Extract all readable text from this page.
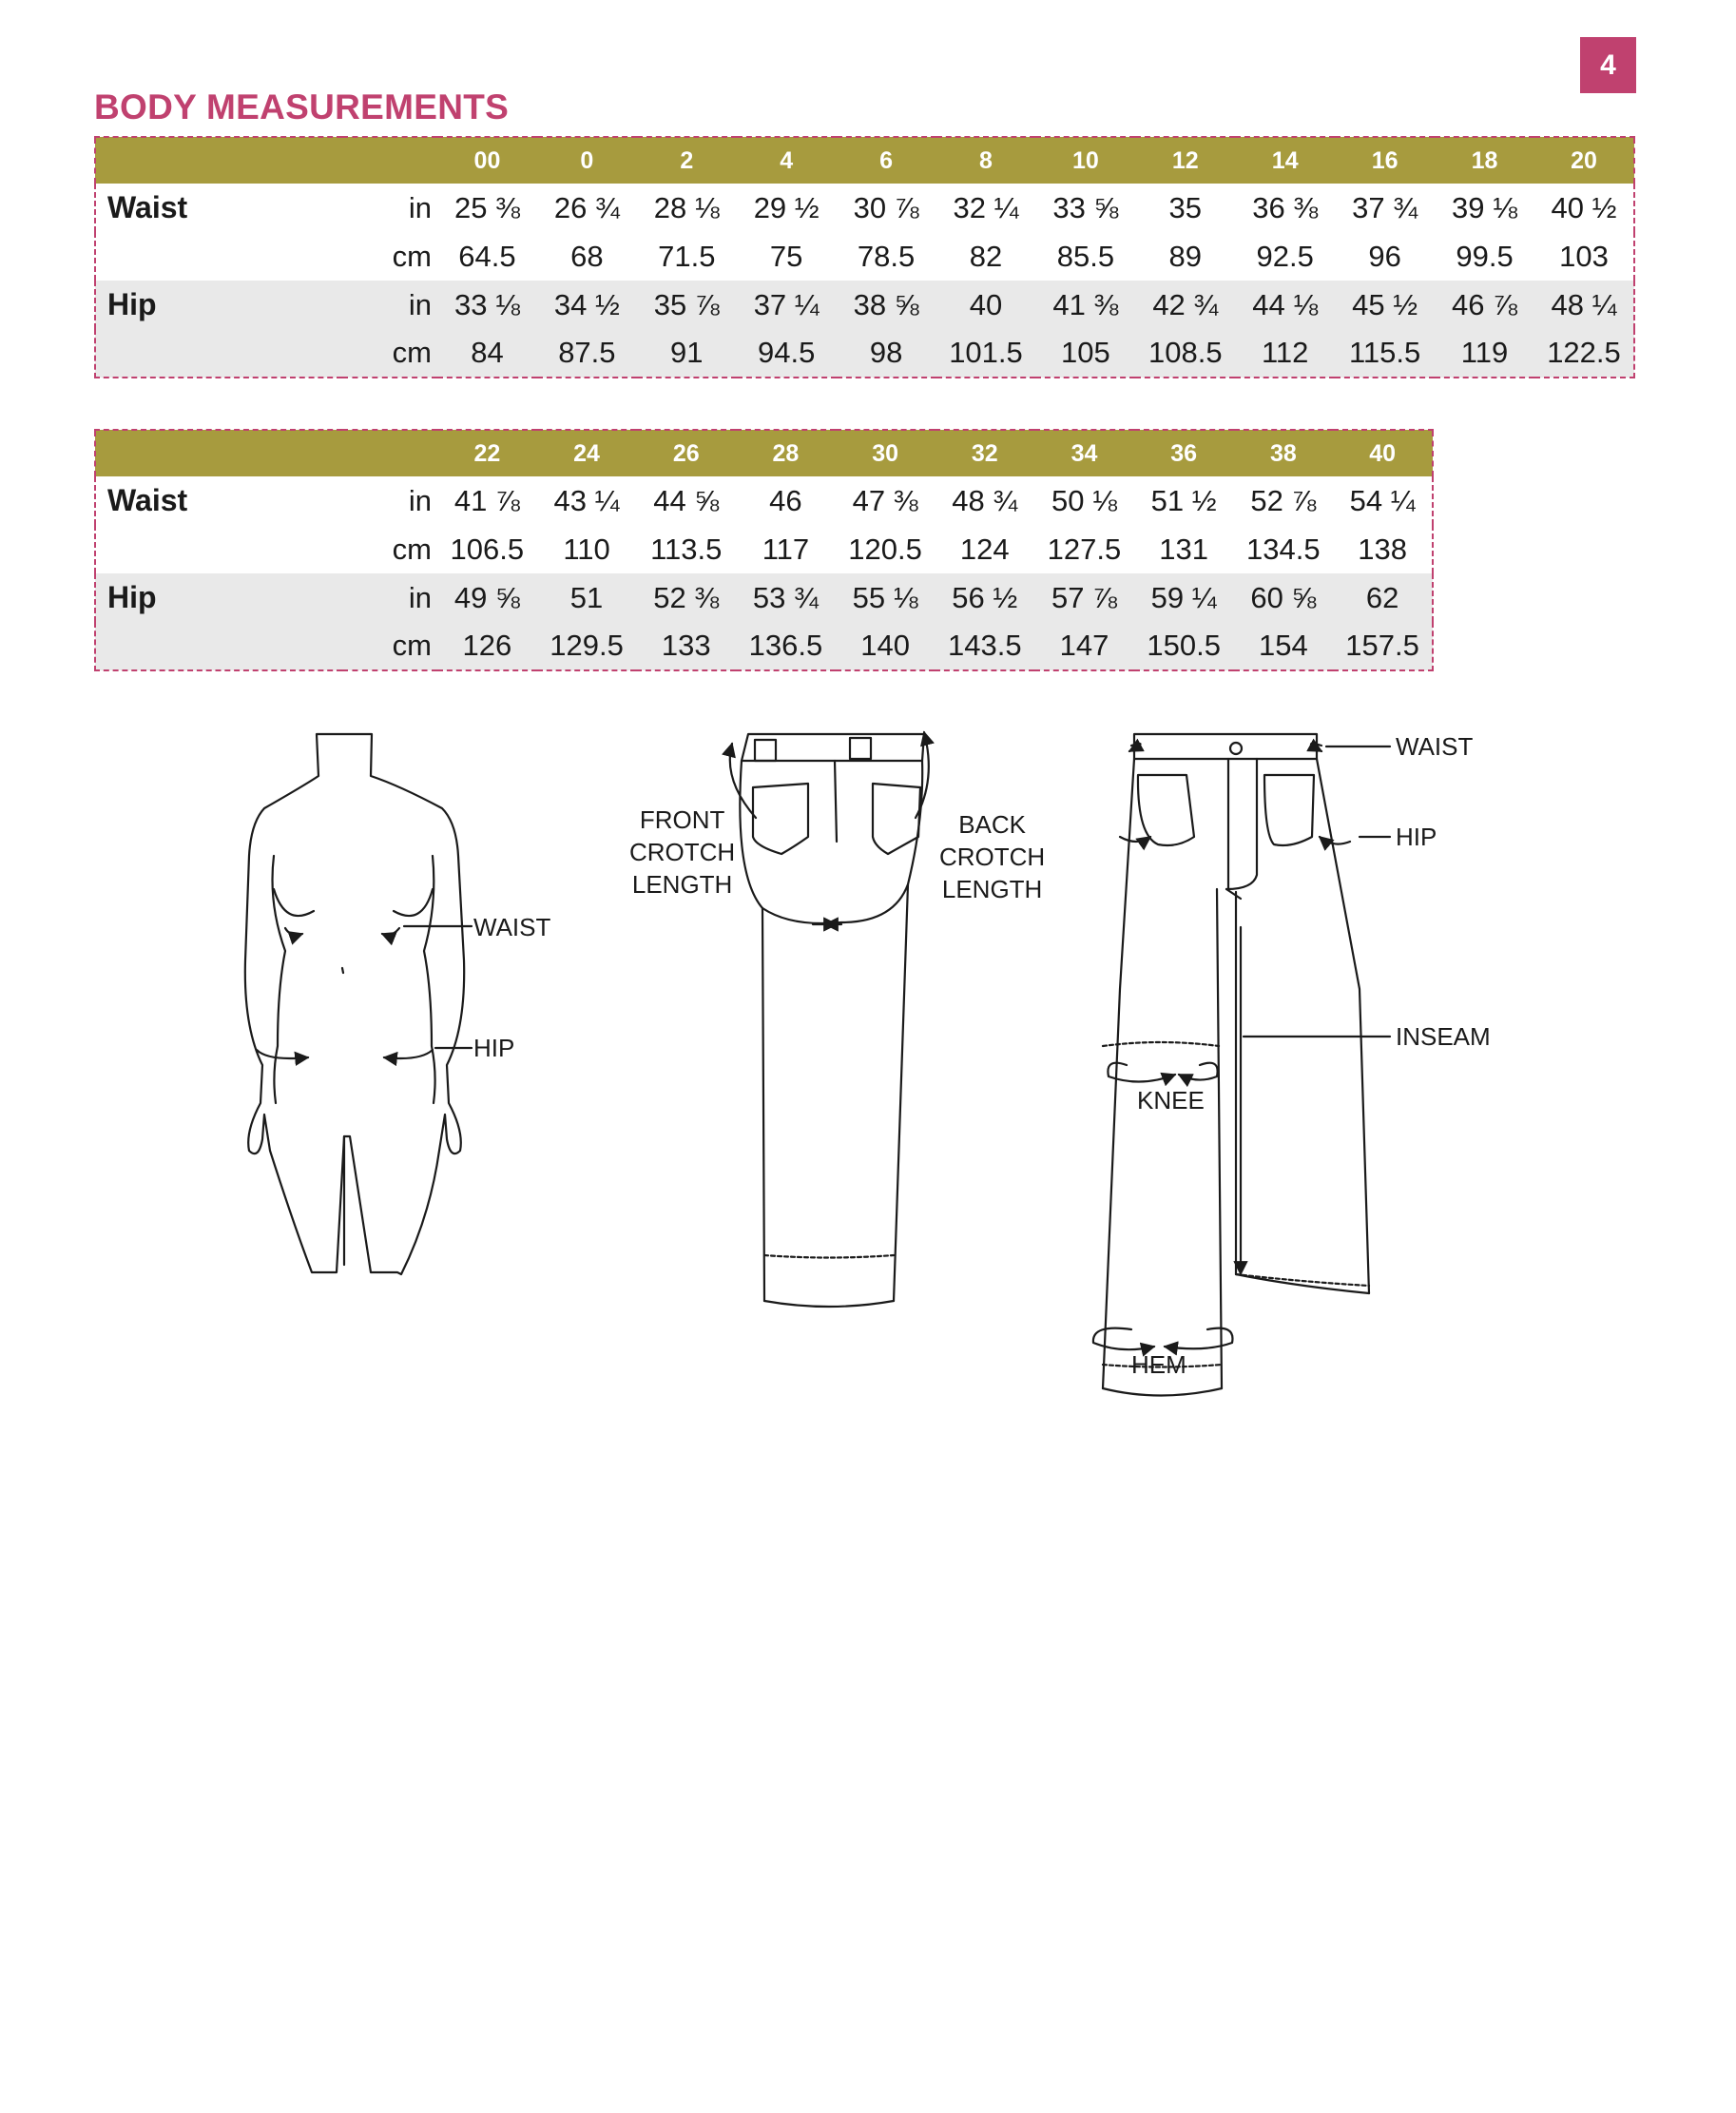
4
BODY MEASUREMENTS
		00	0	2	4	6	8	10	12	14	16	18	20
Waist	in	25 ⅜	26 ¾	28 ⅛	29 ½	30 ⅞	32 ¼	33 ⅝	35	36 ⅜	37 ¾	39 ⅛	40 ½
	cm	64.5	68	71.5	75	78.5	82	85.5	89	92.5	96	99.5	103
Hip	in	33 ⅛	34 ½	35 ⅞	37 ¼	38 ⅝	40	41 ⅜	42 ¾	44 ⅛	45 ½	46 ⅞	48 ¼
	cm	84	87.5	91	94.5	98	101.5	105	108.5	112	115.5	119	122.5
		22	24	26	28	30	32	34	36	38	40
Waist	in	41 ⅞	43 ¼	44 ⅝	46	47 ⅜	48 ¾	50 ⅛	51 ½	52 ⅞	54 ¼
	cm	106.5	110	113.5	117	120.5	124	127.5	131	134.5	138
Hip	in	49 ⅝	51	52 ⅜	53 ¾	55 ⅛	56 ½	57 ⅞	59 ¼	60 ⅝	62
	cm	126	129.5	133	136.5	140	143.5	147	150.5	154	157.5
WAIST
HIP
FRONT
CROTCH
LENGTH
BACK
CROTCH
LENGTH
WAIST
HIP
INSEAM
KNEE
HEM
